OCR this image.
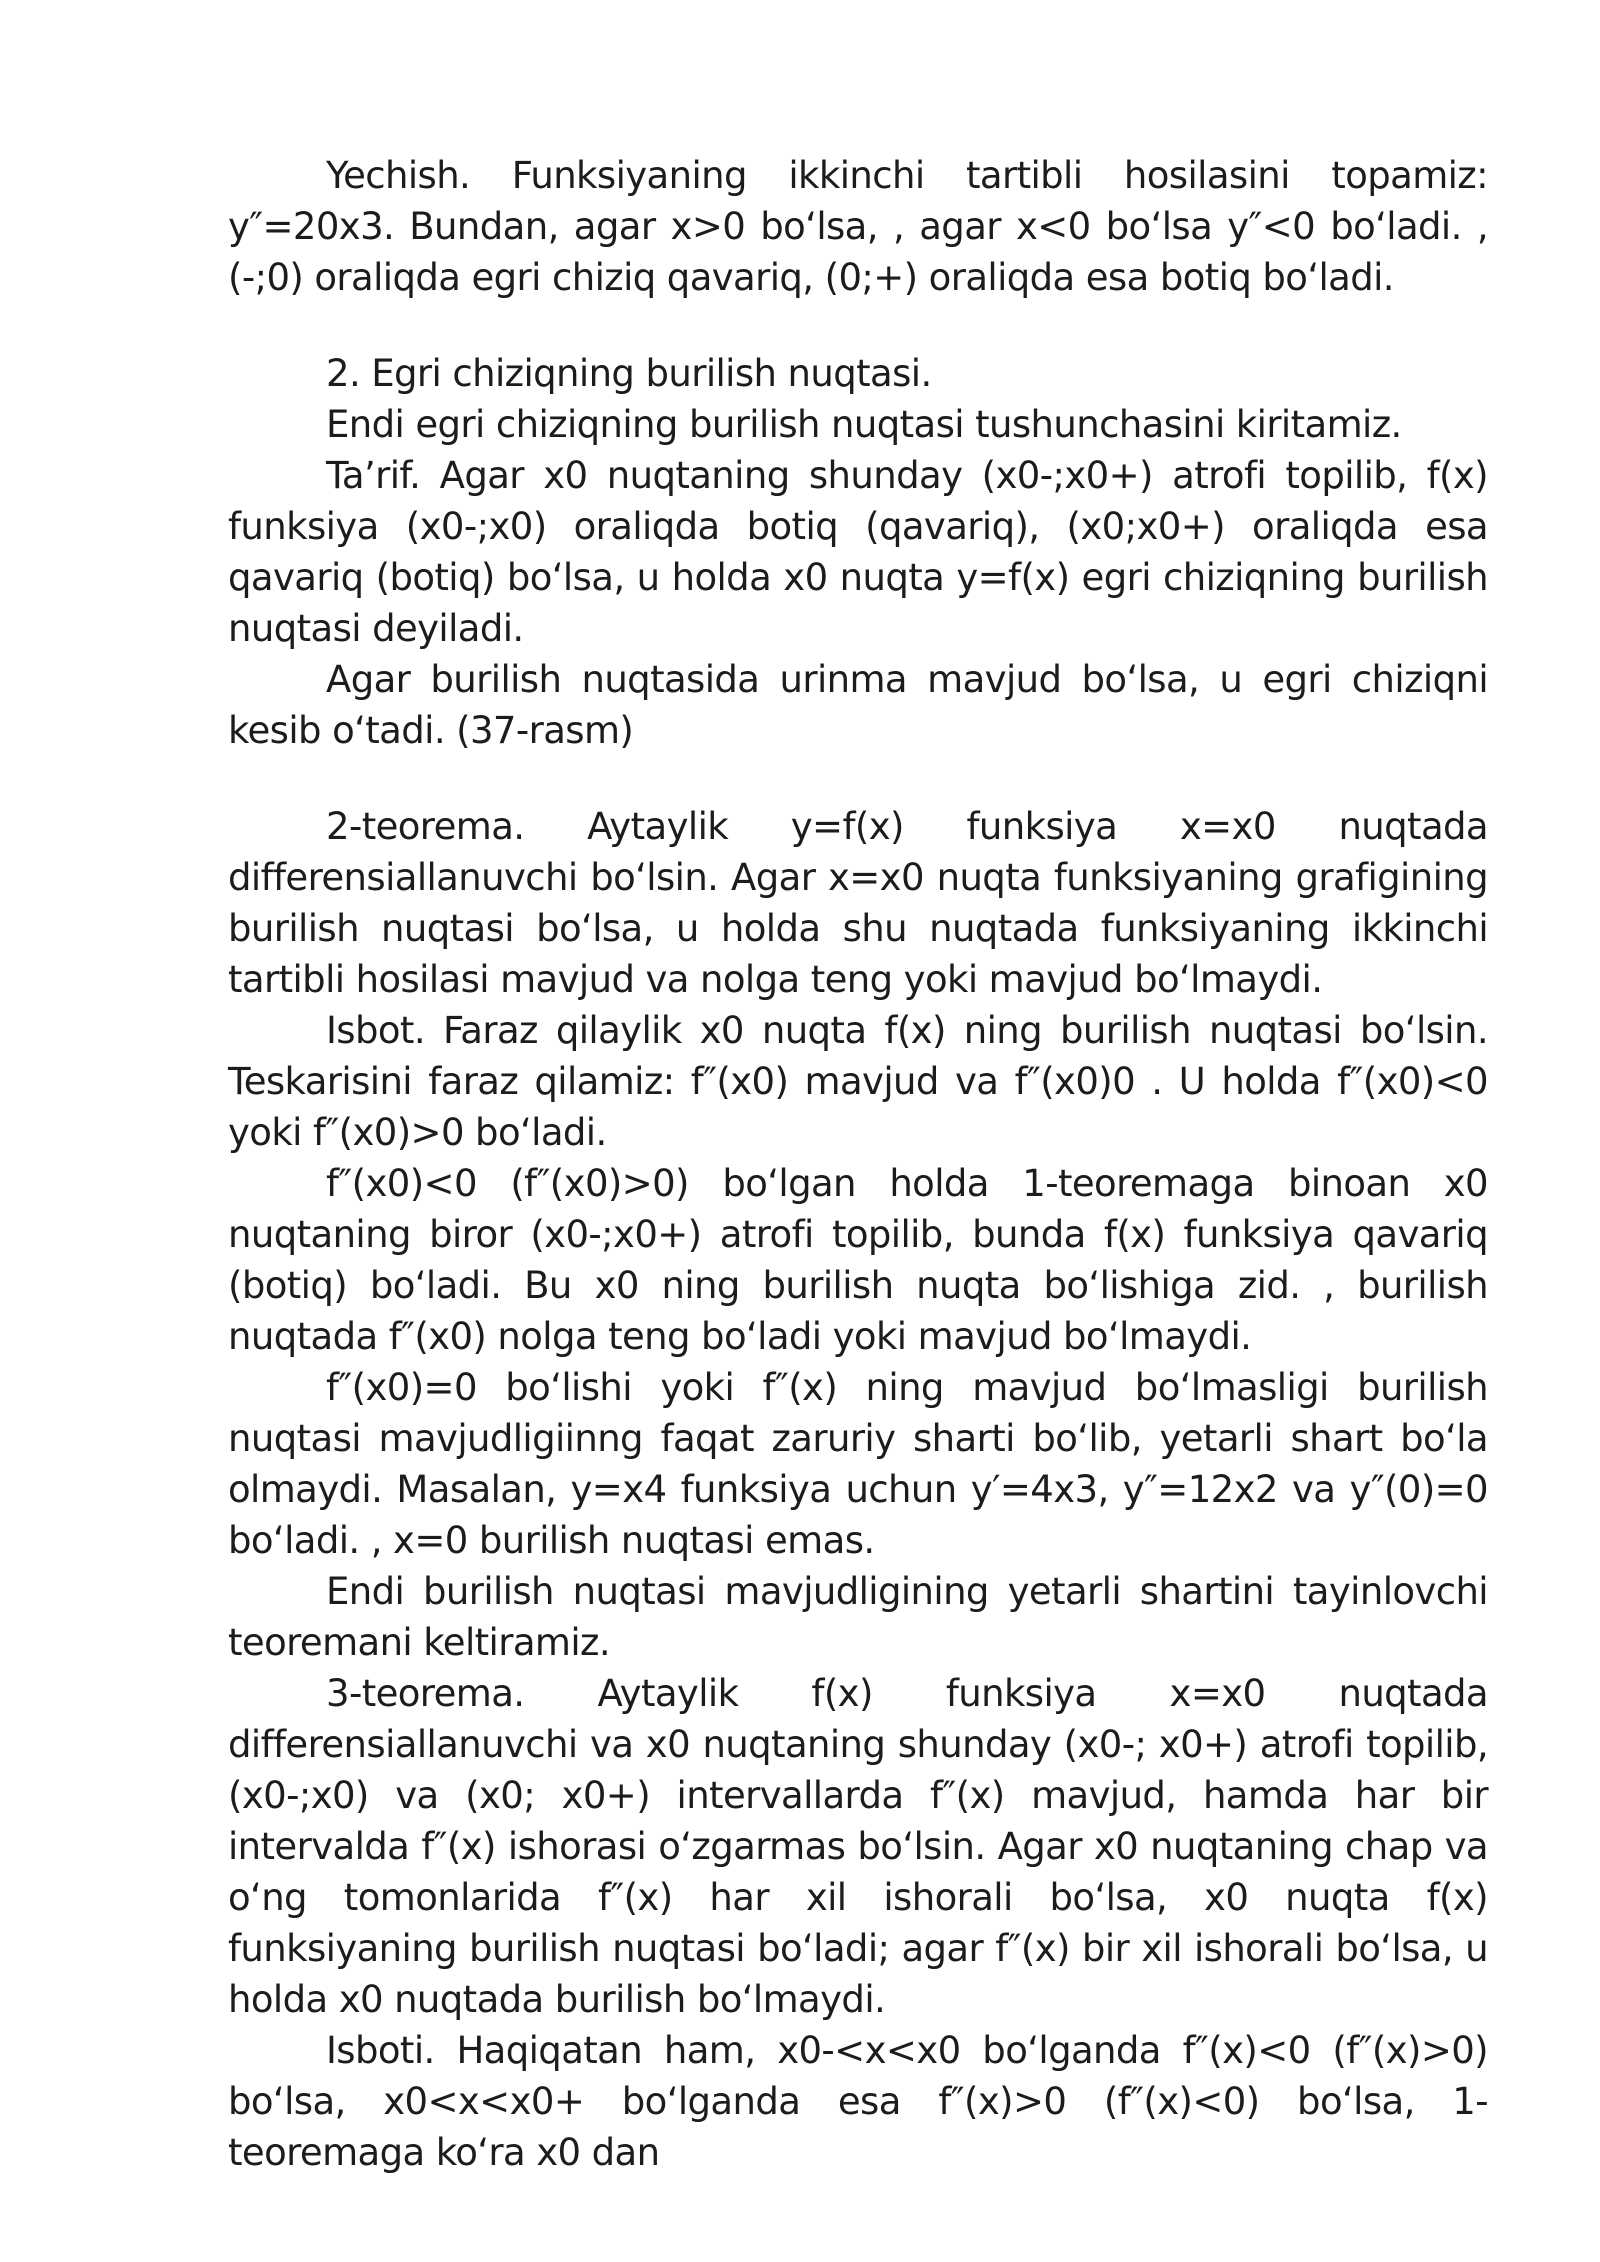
Yechish. Funksiyaning ikkinchi tartibli hosilasini topamiz: y″=20x3. Bundan, agar x>0 boʻlsa, , agar x<0 boʻlsa y″<0 boʻladi. , (-;0) oraliqda egri chiziq qavariq, (0;+) oraliqda esa botiq boʻladi.

2. Egri chiziqning burilish nuqtasi.

Endi egri chiziqning burilish nuqtasi tushunchasini kiritamiz.

Ta’rif. Agar x0 nuqtaning shunday (x0-;x0+) atrofi topilib, f(x) funksiya (x0-;x0) oraliqda botiq (qavariq), (x0;x0+) oraliqda esa qavariq (botiq) boʻlsa, u holda x0 nuqta y=f(x) egri chiziqning burilish nuqtasi deyiladi.

Agar burilish nuqtasida urinma mavjud boʻlsa, u egri chiziqni kesib oʻtadi. (37-rasm)

2-teorema. Aytaylik y=f(x) funksiya x=x0 nuqtada differensiallanuvchi boʻlsin. Agar x=x0 nuqta funksiyaning grafigining burilish nuqtasi boʻlsa, u holda shu nuqtada funksiyaning ikkinchi tartibli hosilasi mavjud va nolga teng yoki mavjud boʻlmaydi.

Isbot. Faraz qilaylik x0 nuqta f(x) ning burilish nuqtasi boʻlsin. Teskarisini faraz qilamiz: f″(x0) mavjud va f″(x0)0 . U holda f″(x0)<0 yoki f″(x0)>0 boʻladi.

f″(x0)<0 (f″(x0)>0) boʻlgan holda 1-teoremaga binoan x0 nuqtaning biror (x0-;x0+) atrofi topilib, bunda f(x) funksiya qavariq (botiq) boʻladi. Bu x0 ning burilish nuqta boʻlishiga zid. , burilish nuqtada f″(x0) nolga teng boʻladi yoki mavjud boʻlmaydi.

f″(x0)=0 boʻlishi yoki f″(x) ning mavjud boʻlmasligi burilish nuqtasi mavjudligiinng faqat zaruriy sharti boʻlib, yetarli shart boʻla olmaydi. Masalan, y=x4 funksiya uchun y′=4x3, y″=12x2 va y″(0)=0 boʻladi. , x=0 burilish nuqtasi emas.

Endi burilish nuqtasi mavjudligining yetarli shartini tayinlovchi teoremani keltiramiz.

3-teorema. Aytaylik f(x) funksiya x=x0 nuqtada differensiallanuvchi va x0 nuqtaning shunday (x0-; x0+) atrofi topilib, (x0-;x0) va (x0; x0+) intervallarda f″(x) mavjud, hamda har bir intervalda f″(x) ishorasi oʻzgarmas boʻlsin. Agar x0 nuqtaning chap va oʻng tomonlarida f″(x) har xil ishorali boʻlsa, x0 nuqta f(x) funksiyaning burilish nuqtasi boʻladi; agar f″(x) bir xil ishorali boʻlsa, u holda x0 nuqtada burilish boʻlmaydi.

Isboti. Haqiqatan ham, x0-<x<x0 boʻlganda f″(x)<0 (f″(x)>0) boʻlsa, x0<x<x0+ boʻlganda esa f″(x)>0 (f″(x)<0) boʻlsa, 1-teoremaga koʻra x0 dan
